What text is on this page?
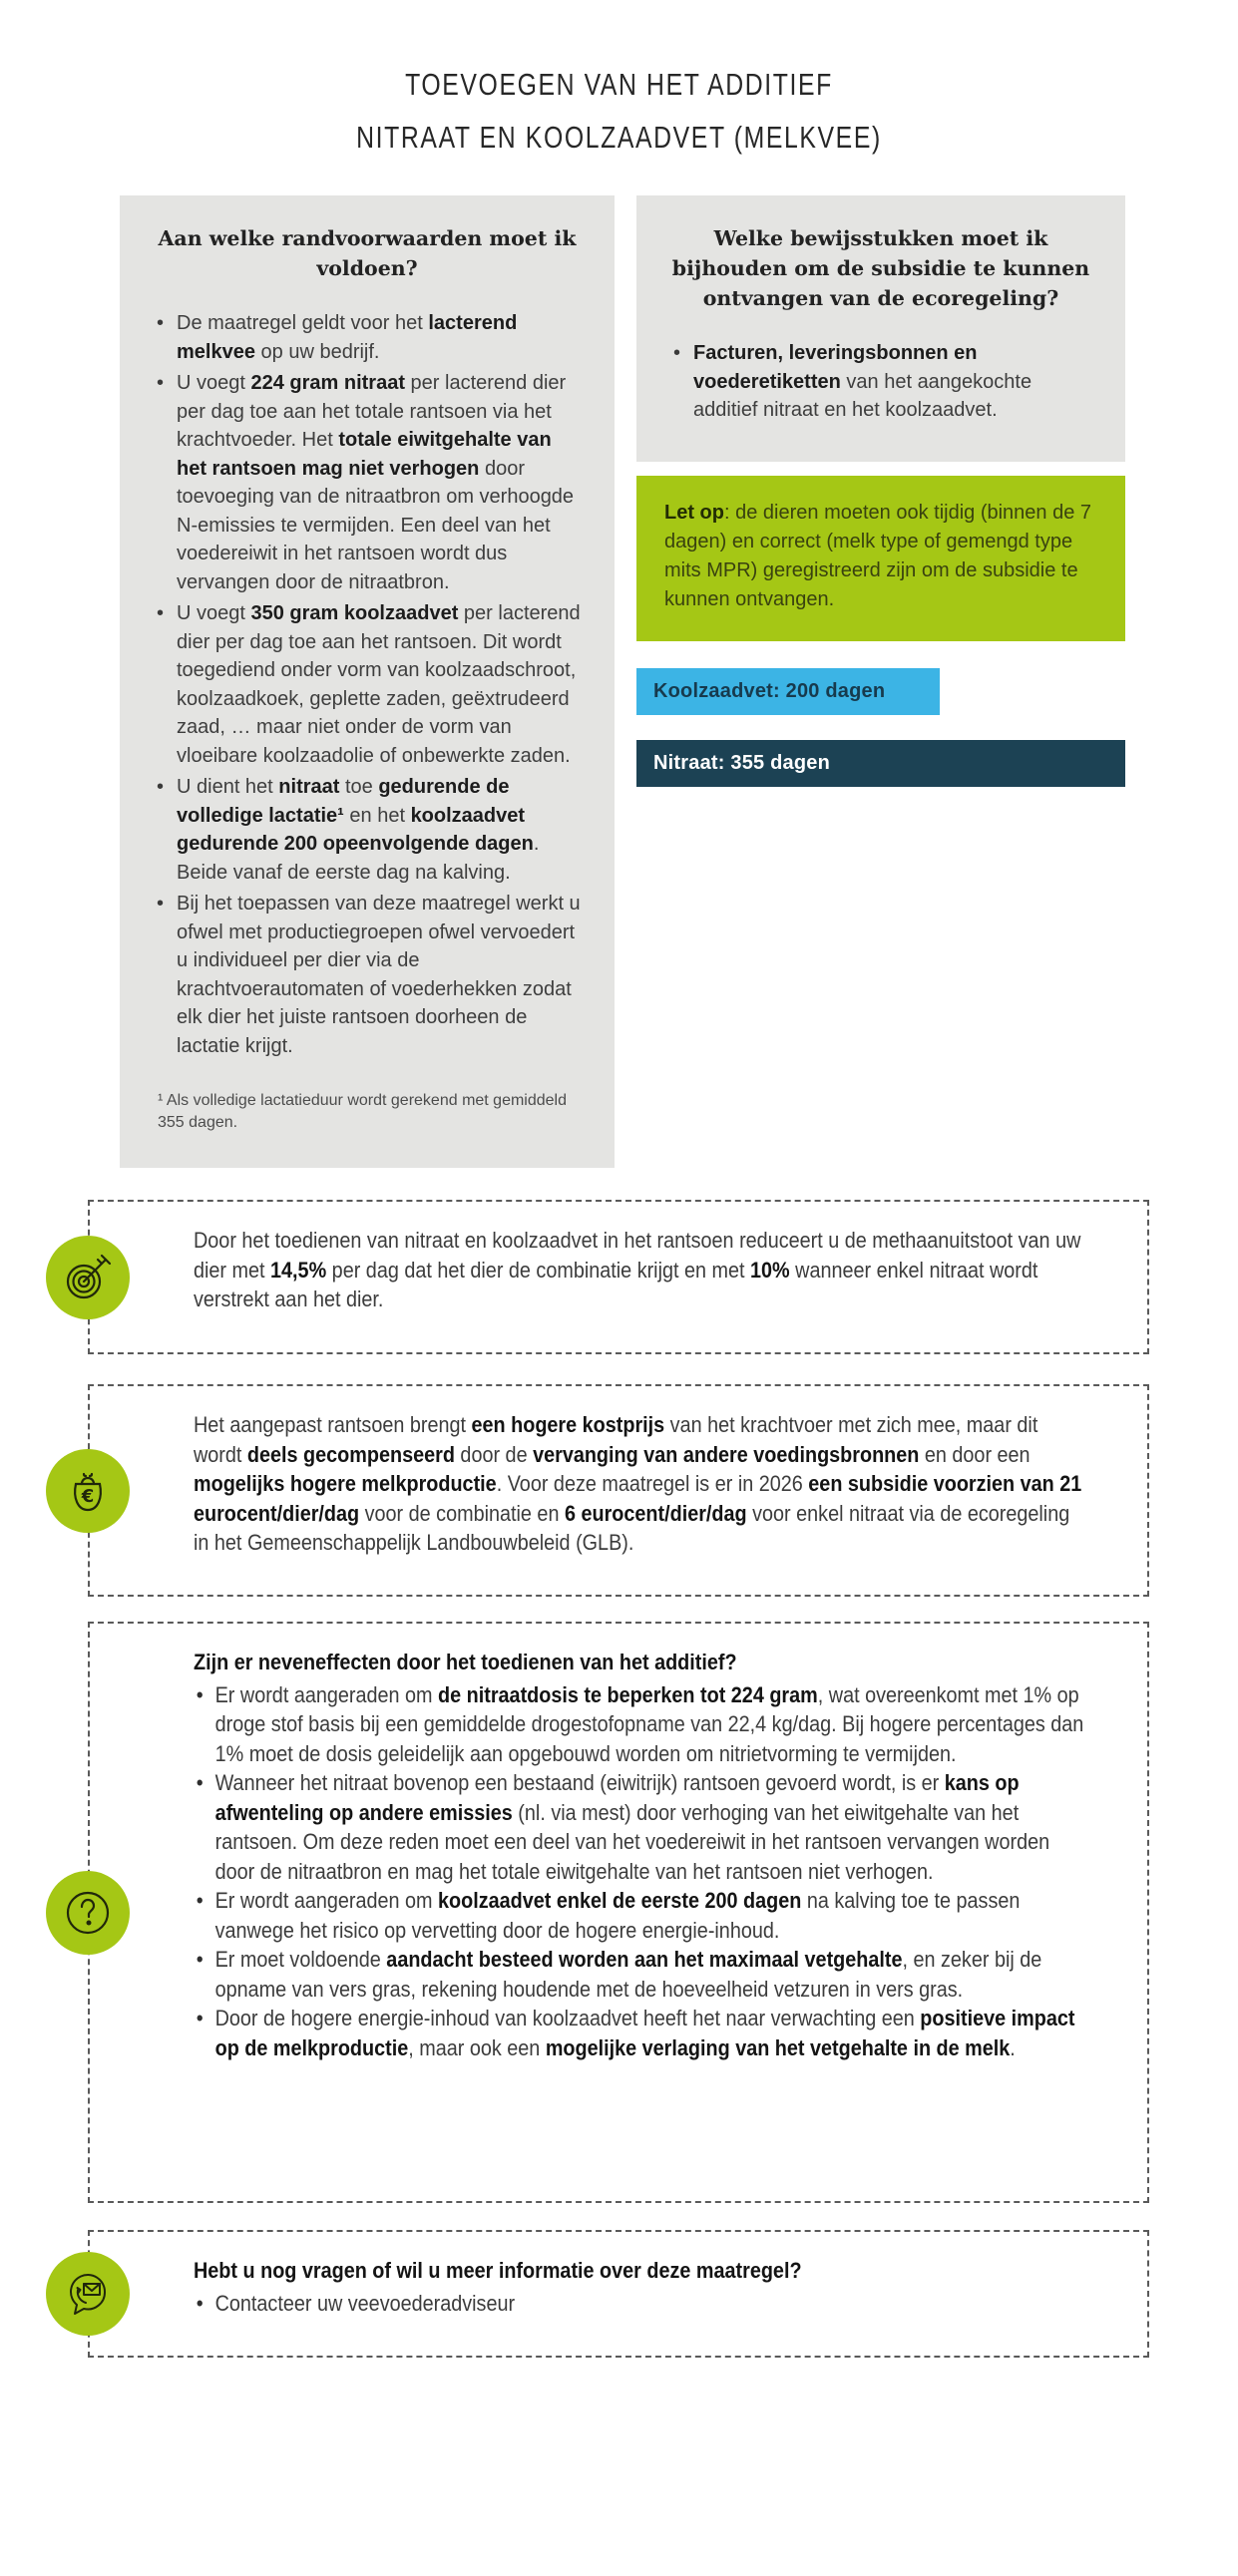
TOEVOEGEN VAN HET ADDITIEF
NITRAAT EN KOOLZAADVET (MELKVEE)
Aan welke randvoorwaarden moet ik voldoen?
• De maatregel geldt voor het lacterend melkvee op uw bedrijf.
• U voegt 224 gram nitraat per lacterend dier per dag toe aan het totale rantsoen via het krachtvoeder. Het totale eiwitgehalte van het rantsoen mag niet verhogen door toevoeging van de nitraatbron om verhoogde N-emissies te vermijden. Een deel van het voedereiwit in het rantsoen wordt dus vervangen door de nitraatbron.
• U voegt 350 gram koolzaadvet per lacterend dier per dag toe aan het rantsoen. Dit wordt toegediend onder vorm van koolzaadschroot, koolzaadkoek, geplette zaden, geëxtrudeerd zaad, … maar niet onder de vorm van vloeibare koolzaadolie of onbewerkte zaden.
• U dient het nitraat toe gedurende de volledige lactatie¹ en het koolzaadvet gedurende 200 opeenvolgende dagen. Beide vanaf de eerste dag na kalving.
• Bij het toepassen van deze maatregel werkt u ofwel met productiegroepen ofwel vervoedert u individueel per dier via de krachtvoerautomaten of voederhekken zodat elk dier het juiste rantsoen doorheen de lactatie krijgt.
¹ Als volledige lactatieduur wordt gerekend met gemiddeld 355 dagen.
Welke bewijsstukken moet ik bijhouden om de subsidie te kunnen ontvangen van de ecoregeling?
• Facturen, leveringsbonnen en voederetiketten van het aangekochte additief nitraat en het koolzaadvet.
Let op: de dieren moeten ook tijdig (binnen de 7 dagen) en correct (melk type of gemengd type mits MPR) geregistreerd zijn om de subsidie te kunnen ontvangen.
Koolzaadvet: 200 dagen
Nitraat: 355 dagen

Door het toedienen van nitraat en koolzaadvet in het rantsoen reduceert u de methaanuitstoot van uw dier met 14,5% per dag dat het dier de combinatie krijgt en met 10% wanneer enkel nitraat wordt verstrekt aan het dier.

€

Het aangepast rantsoen brengt een hogere kostprijs van het krachtvoer met zich mee, maar dit wordt deels gecompenseerd door de vervanging van andere voedingsbronnen en door een mogelijks hogere melkproductie. Voor deze maatregel is er in 2026 een subsidie voorzien van 21 eurocent/dier/dag voor de combinatie en 6 eurocent/dier/dag voor enkel nitraat via de ecoregeling in het Gemeenschappelijk Landbouwbeleid (GLB).

Zijn er neveneffecten door het toedienen van het additief?

• Er wordt aangeraden om de nitraatdosis te beperken tot 224 gram, wat overeenkomt met 1% op droge stof basis bij een gemiddelde drogestofopname van 22,4 kg/dag. Bij hogere percentages dan 1% moet de dosis geleidelijk aan opgebouwd worden om nitrietvorming te vermijden.
• Wanneer het nitraat bovenop een bestaand (eiwitrijk) rantsoen gevoerd wordt, is er kans op afwenteling op andere emissies (nl. via mest) door verhoging van het eiwitgehalte van het rantsoen. Om deze reden moet een deel van het voedereiwit in het rantsoen vervangen worden door de nitraatbron en mag het totale eiwitgehalte van het rantsoen niet verhogen.
• Er wordt aangeraden om koolzaadvet enkel de eerste 200 dagen na kalving toe te passen vanwege het risico op vervetting door de hogere energie-inhoud.
• Er moet voldoende aandacht besteed worden aan het maximaal vetgehalte, en zeker bij de opname van vers gras, rekening houdende met de hoeveelheid vetzuren in vers gras.
• Door de hogere energie-inhoud van koolzaadvet heeft het naar verwachting een positieve impact op de melkproductie, maar ook een mogelijke verlaging van het vetgehalte in de melk.

Hebt u nog vragen of wil u meer informatie over deze maatregel?

• Contacteer uw veevoederadviseur
